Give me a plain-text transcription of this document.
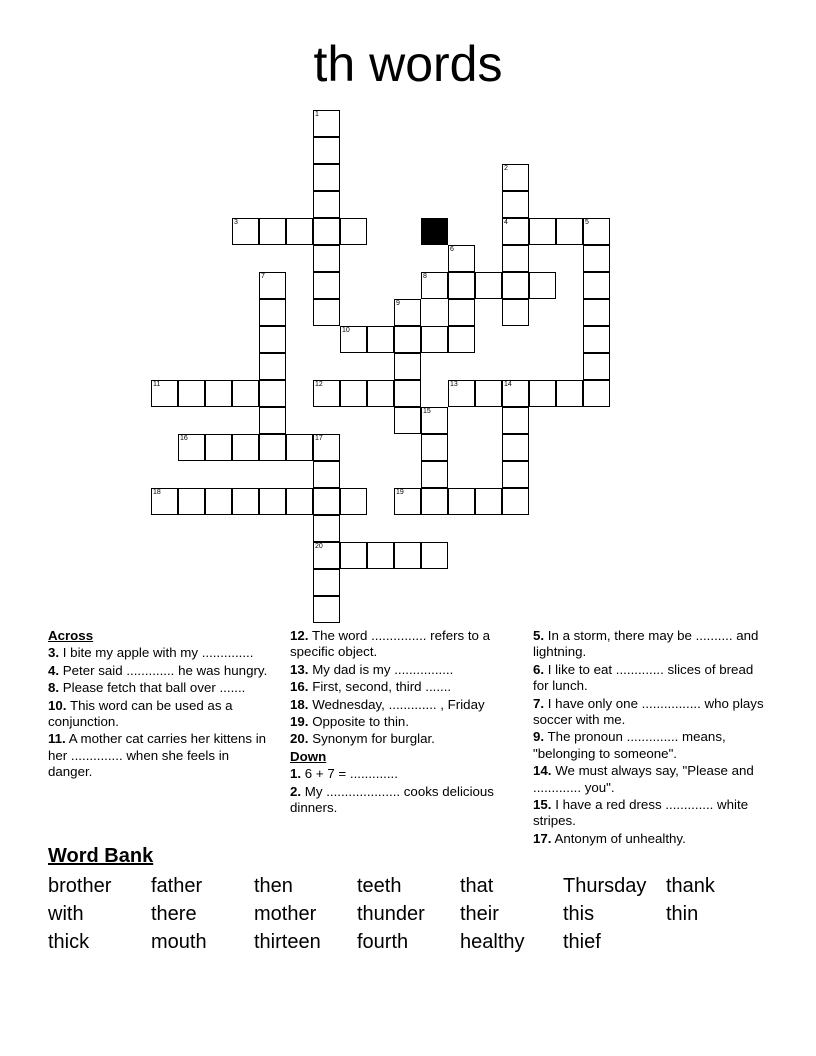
th words
1
2
4
3	5
6
7	8
9
10
11	12	13	14
15
16	17
20
18	19
Across

3. I bite my apple with my ..............

4. Peter said ............. he was hungry.

8. Please fetch that ball over .......

10. This word can be used as a conjunction.

11. A mother cat carries her kittens in her .............. when she feels in danger.

12. The word ............... refers to a specific object.

13. My dad is my ................

16. First, second, third .......

18. Wednesday, ............. , Friday

19. Opposite to thin.

20. Synonym for burglar.

Down

1. 6 + 7 = .............

2. My .................... cooks delicious dinners.

5. In a storm, there may be .......... and lightning.

6. I like to eat ............. slices of bread for lunch.

7. I have only one ................ who plays soccer with me.

9. The pronoun .............. means, "belonging to someone".

14. We must always say, "Please and ............. you".

15. I have a red dress ............. white stripes.

17. Antonym of unhealthy.

Word Bank
brother father	then	teeth	that	Thursday thank
with	there	mother thunder their	this	thin
thick	mouth thirteen fourth	healthy thief
